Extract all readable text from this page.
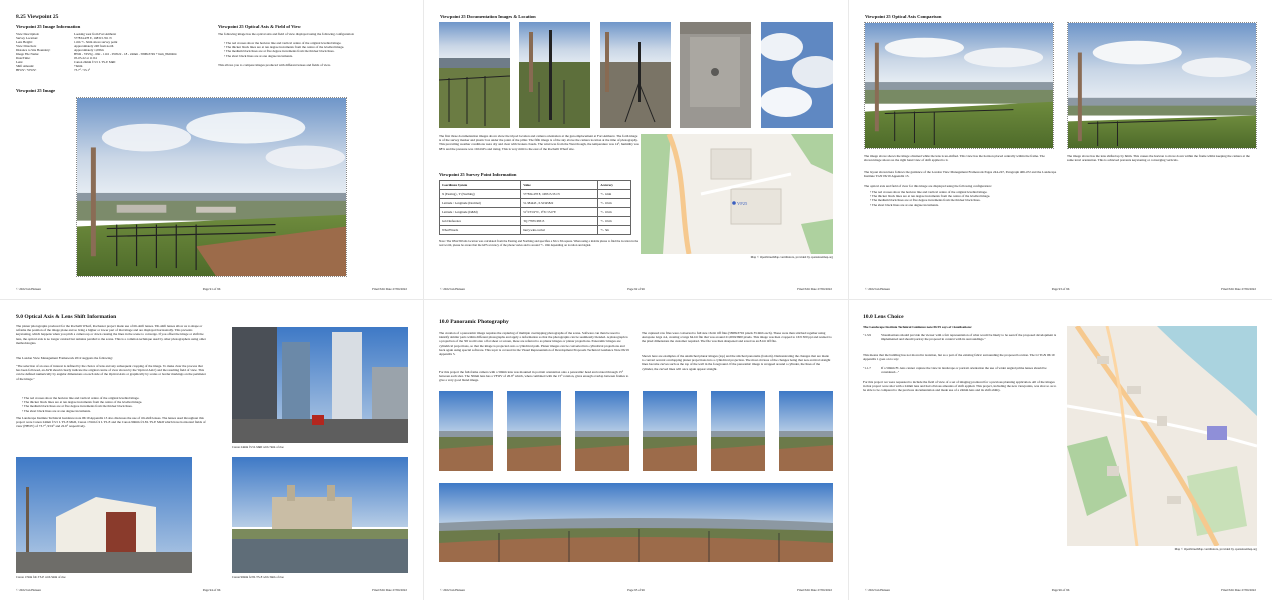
8.25 Viewpoint 25
Viewpoint 25 Image Information
View Description:	Looking west from Fort Amherst
Survey Location:	577834.478 E, 168315.351 N
Lens Height:	1.6m +/- 3mm above survey point
View Direction:	Approximately 248 from north
Distance to Site Boundary:	Approximately 1,095m
Image File Name:	BWR - VP25g - 6bit - 1116 - 050522 - 18 - 24mm - 5808x3749 + hsm_8620464
Date/Time:	05-05-22 at 11:04
Lens:	Canon 24mm f/3.5 L TS-E MkII
Shift Amount:	+6mm
HFOV / VFOV:	73.7° / 53.1°
Viewpoint 25 Optical Axis & Field of View
The following image has the optical axis and field of view displayed using the following configuration:
• The red crosses show the horizon line and vertical centre of the original levelled image.
• The thicker black lines are at ten degree increments from the centre of the levelled image.
• The medium black lines are at five degree increments from the thicker black lines.
• The short black lines are at one degree increments.
This allows you to compare images produced with different lenses and fields of view.
Viewpoint 25 Image
© 2022 Ian Hansen	Page 91 of 96	Final Edit Date 27/06/2022
Viewpoint 25 Documentation Images & Location
The first three documentation images above show the tripod location and camera orientation at the gun emplacement at Fort Amherst. The forth image is of the survey marker and plastic box under the point of the pillar. The fifth image is of the sky above the camera location at the time of photography. This prevailing weather conditions were dry and clear with broken clouds. The wind was from the West though, the temperature was 14°, humidity was 68% and the pressure was 1024 hPa and rising. This is very mild to the east of the Rochelli Wharf site.
Viewpoint 25 Survey Point Information
Coordinate System	Value	Accuracy
X (Easting) , Y (Northing)	577834.478 E, 168315.351 N	+/- 1mm
Latitude / Longitude (Decimal)	51.384443 , 0.52345822	+/- 10cm
Latitude / Longitude (D&M)	51°23'3.9"N , 0°31'15.0"E	+/- 10cm
Grid Reference	TQ 77835 68315	+/- 10cm
What3Words	hurry.wins.verbal	+/- 3m
Note: The What3Words location was calculated from the Easting and Northing and specifies a 3m x 3m square. When using a mobile phone to find the location in the real world, please be aware that the GPS accuracy of the phone varies and is around +/- 10m depending on location and signal.
VP25
Map © OpenStreetMap contributors, provided by openstreetmap.org
© 2022 Ian Hansen	Page 92 of 96	Final Edit Date 27/06/2022
Viewpoint 25 Optical Axis Comparison
The image above shows the image obtained while the lens is un-shifted. This view has the horizon placed centrally within the frame. The shown image shows us the right hand view of shift applied to it.
The image above has the lens shifted up by 6mm. This causes the horizon to move down within the frame whilst keeping the camera at the same level orientation. This is achieved prevents keystoning or converging verticals.
The layout shown here follows the guidance of the London View Management Framework Pages 244-247, Paragraph 466-472 and the Landscape Institute TGN 06/19 Appendix 13.
The optical axis and field of view for this image are displayed using the following configuration:
• The red crosses show the horizon line and vertical centre of the original levelled image.
• The thicker black lines are at ten degree increments from the centre of the levelled image.
• The medium black lines are at five degree increments from the thicker black lines.
• The short black lines are at one degree increments.
© 2022 Ian Hansen	Page 93 of 96	Final Edit Date 27/06/2022
9.0 Optical Axis & Lens Shift Information
The planar photographs produced for the Rochelli Wharf, Rochester project made use of tilt-shift lenses. Tilt-shift lenses allow us to shape or reframe the position of the image plane and so bring a higher or lower part of that image and are displayed horizontally. This prevents keystoning, which happens when you pitch a camera up or down causing the lines in the scene to converge. If you offset the image or shift the lens, the optical axis is no longer centred but remains parallel to the scene. This is a common technique used by other photographers using other methodologies.
The London View Management Framework 2012 suggests the following:
"The selection of an area of interest is defined by the choice of lens and any subsequent cropping of the image. To make clear the process that has been followed, an AVR should clearly indicate the original centre of view shown by the 'Optical Axis') and the resulting field of view. This can be defined numerically by angular dimensions on each side of the Optical Axis or graphically by scales or border markings on the perimeter of the image."
• The red crosses show the horizon line and vertical centre of the original levelled image.
• The thicker black lines are at ten degree increments from the centre of the levelled image.
• The medium black lines are at five degree increments from the thicker black lines.
• The short black lines are at one degree increments.
The Landscape Institute Technical Guidance note 06/19 Appendix 13 also discusses the use of tilt-shift lenses. The lenses used throughout this project were Canon 24mm f/3.5 L TS-E MkII, Canon 17mm f/4 L TS-E and the Canon 90mm f/2.8L TS-E MkII which have horizontal fields of view (HFOV) of 73.7°, 93.9° and 22.6° respectively.
Canon 24mm f3.5L MkII with 7mm of rise
Canon 17mm f4L TS-E with 5mm of rise	Canon 90mm f2.8L TS-E with 3mm of rise
© 2022 Ian Hansen	Page 94 of 96	Final Edit Date 27/06/2022
10.0 Panoramic Photography
The creation of a panoramic image requires the capturing of multiple overlapping photographs of the scene. Software can then be used to identify similar parts within different photographs and apply a deformation so that the photographs can be seamlessly blended. A photograph is a projection of the 3D world onto a flat sheet or screen, these are referred to as planar images or planar projections. Panoramic images are cylindrical projections, so that the image is projected onto a cylindrical path. Planar images can be converted into cylindrical projections and back again using special software. This topic is covered in the Visual Representation of Development Proposals Technical Guidance Note 06/19 Appendix 5.
For this project the full-frame camera with a 50mm lens was mounted in portrait orientation onto a panoramic head and rotated through 15° between each shot. The 50mm lens has a VFOV of 26.9° which, when combined with the 15° rotation, gives enough overlap between frames to give a very good blend image.
The captured raw files were converted to full size 16-bit tiff files (5808x3702 pixels 35.9mb each). These were then stitched together using Autopano Giga 4.4, creating a large 64-bit file that was around 21,000x3600 pixels. This image was then cropped to 16:9 300 ppi and resized to the pixel dimensions the customer required. The file was then sharpened and saved as an 8-bit tiff file.
Shown here are examples of the unstitched planar images (top) and the stitched panorama (bottom). Demonstrating the changes that are made to convert several overlapping planar projections into a cylindrical projection. The most obvious of the changes being that non-vertical straight lines become curves such as the top of the wall in the foreground. If the panoramic image is wrapped around a cylinder, the lines of the cylinder, the curved lines will once again appear straight.
© 2022 Ian Hansen	Page 95 of 96	Final Edit Date 27/06/2022
10.0 Lens Choice
The Landscape Institute Technical Guidance note 06/19 says of visualisations:
"1.3.9	Visualisations should provide the viewer with a fair representation of what would be likely to be seen if the proposed development is implemented and should portray the proposal in context with its surroundings."
This means that the building has not moved in isolation, but as a part of the existing fabric surrounding the proposed location. The LI TGN 06/19 Appendix 1 goes on to say:
"1.1.7	If a 50mm FL lens cannot capture the view in landscape or portrait orientation the use of wider angled prime lenses should be considered..."
For this project we were requested to include the field of view of a set of imaging produced for a previous planning application. All of the images in that project were shot with a 24mm lens and had obvious amounts of shift applied. This project, including the new viewpoints, was shot so as to be able to be compared to the previous documentation and made use of a 24mm lens and its shift ability.
Map © OpenStreetMap contributors, provided by openstreetmap.org
© 2022 Ian Hansen	Page 96 of 96	Final Edit Date 27/06/2022
